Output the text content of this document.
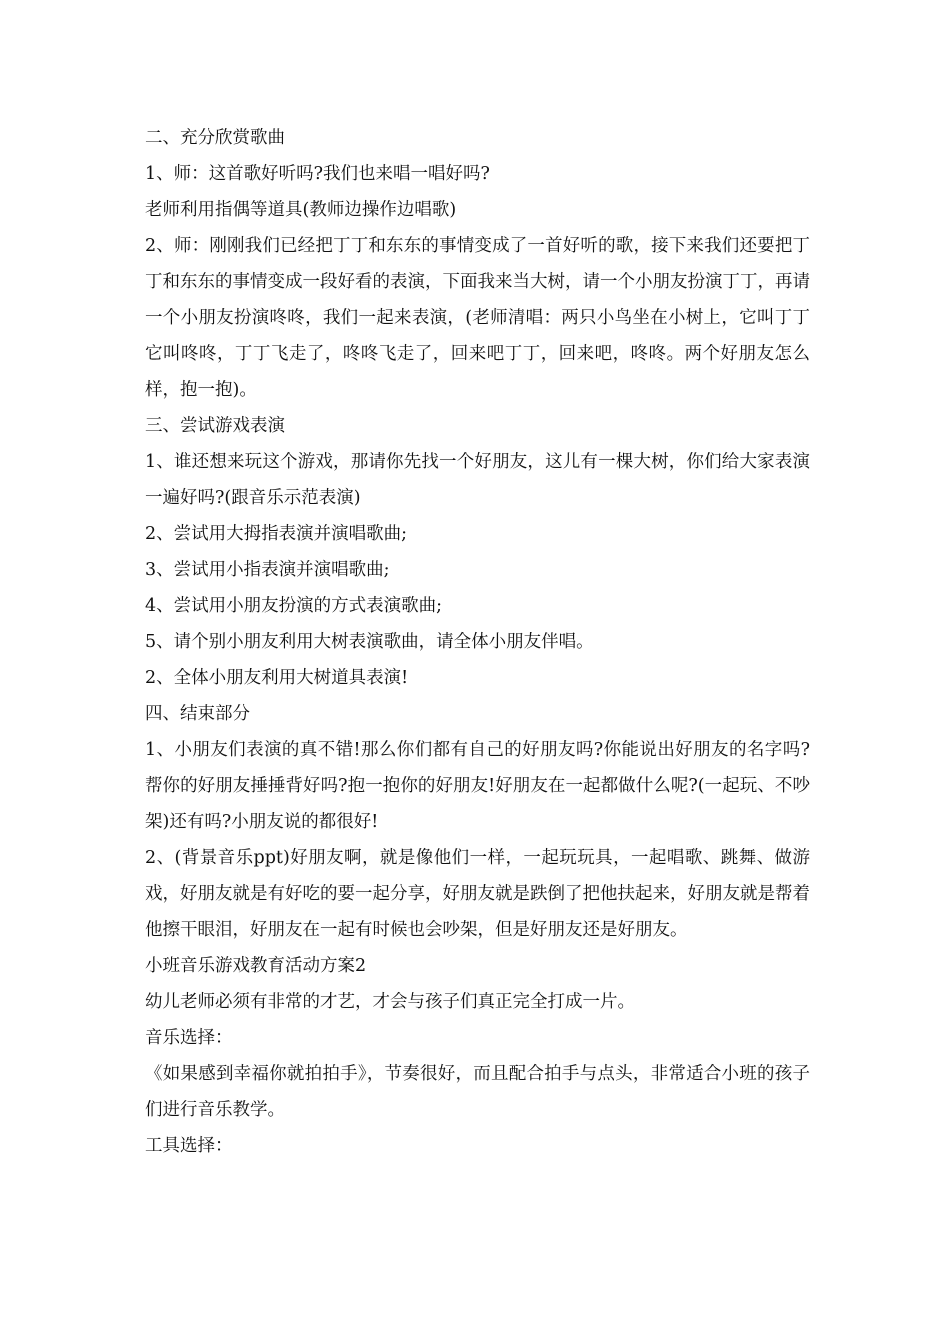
二、充分欣赏歌曲

1、师：这首歌好听吗?我们也来唱一唱好吗?

老师利用指偶等道具(教师边操作边唱歌)

2、师：刚刚我们已经把丁丁和东东的事情变成了一首好听的歌，接下来我们还要把丁丁和东东的事情变成一段好看的表演，下面我来当大树，请一个小朋友扮演丁丁，再请一个小朋友扮演咚咚，我们一起来表演，(老师清唱：两只小鸟坐在小树上，它叫丁丁它叫咚咚，丁丁飞走了，咚咚飞走了，回来吧丁丁，回来吧，咚咚。两个好朋友怎么样，抱一抱)。

三、尝试游戏表演

1、谁还想来玩这个游戏，那请你先找一个好朋友，这儿有一棵大树，你们给大家表演一遍好吗?(跟音乐示范表演)

2、尝试用大拇指表演并演唱歌曲;

3、尝试用小指表演并演唱歌曲;

4、尝试用小朋友扮演的方式表演歌曲;

5、请个别小朋友利用大树表演歌曲，请全体小朋友伴唱。

2、全体小朋友利用大树道具表演!

四、结束部分

1、小朋友们表演的真不错!那么你们都有自己的好朋友吗?你能说出好朋友的名字吗?帮你的好朋友捶捶背好吗?抱一抱你的好朋友!好朋友在一起都做什么呢?(一起玩、不吵架)还有吗?小朋友说的都很好!

2、(背景音乐ppt)好朋友啊，就是像他们一样，一起玩玩具，一起唱歌、跳舞、做游戏，好朋友就是有好吃的要一起分享，好朋友就是跌倒了把他扶起来，好朋友就是帮着他擦干眼泪，好朋友在一起有时候也会吵架，但是好朋友还是好朋友。

小班音乐游戏教育活动方案2

幼儿老师必须有非常的才艺，才会与孩子们真正完全打成一片。

音乐选择：

《如果感到幸福你就拍拍手》，节奏很好，而且配合拍手与点头，非常适合小班的孩子们进行音乐教学。

工具选择：
